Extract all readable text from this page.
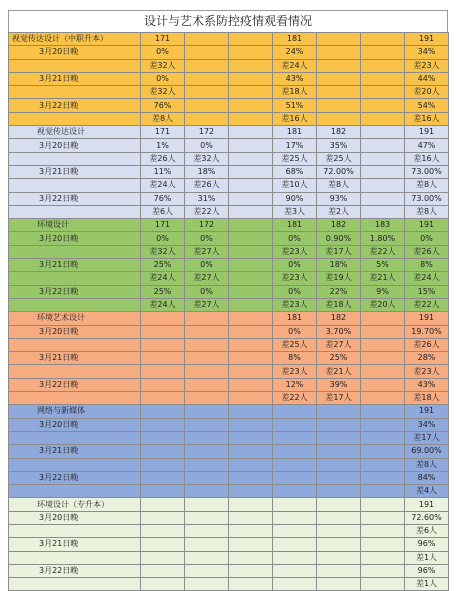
设计与艺术系防控疫情观看情况
视觉传达设计（中职升本）	171			181			191
3月20日晚	0%			24%			34%
	差32人			差24人			差23人
3月21日晚	0%			43%			44%
	差32人			差18人			差20人
3月22日晚	76%			51%			54%
	差8人			差16人			差16人
视觉传达设计	171	172		181	182		191
3月20日晚	1%	0%		17%	35%		47%
	差26人	差32人		差25人	差25人		差16人
3月21日晚	11%	18%		68%	72.00%		73.00%
	差24人	差26人		差10人	差8人		差8人
3月22日晚	76%	31%		90%	93%		73.00%
	差6人	差22人		差3人	差2人		差8人
环境设计	171	172		181	182	183	191
3月20日晚	0%	0%		0%	0.90%	1.80%	0%
	差32人	差27人		差23人	差17人	差22人	差26人
3月21日晚	25%	0%		0%	18%	5%	8%
	差24人	差27人		差23人	差19人	差21人	差24人
3月22日晚	25%	0%		0%	22%	9%	15%
	差24人	差27人		差23人	差18人	差20人	差22人
环境艺术设计				181	182		191
3月20日晚				0%	3.70%		19.70%
				差25人	差27人		差26人
3月21日晚				8%	25%		28%
				差23人	差21人		差23人
3月22日晚				12%	39%		43%
				差22人	差17人		差18人
网络与新媒体							191
3月20日晚							34%
							差17人
3月21日晚							69.00%
							差8人
3月22日晚							84%
							差4人
环境设计（专升本）							191
3月20日晚							72.60%
							差6人
3月21日晚							96%
							差1人
3月22日晚							96%
							差1人
